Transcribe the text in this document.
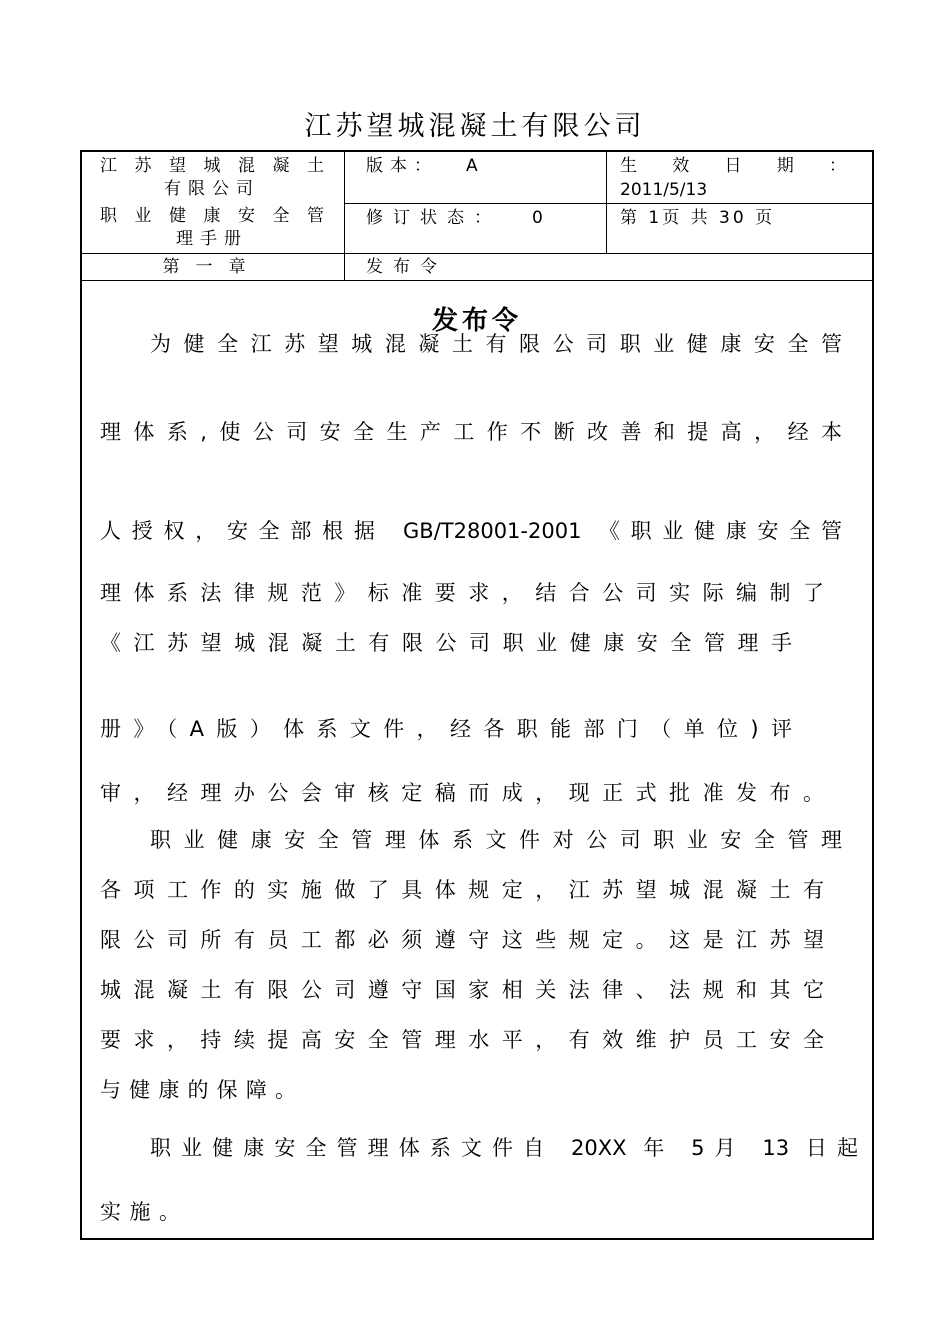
江苏望城混凝土有限公司
江苏望城混凝土
有限公司
职业健康安全管
理手册
版本： A
修订状态： 0
生效日期：
2011/5/13
第 1页 共 30 页
第一章	发布令
发布令
为健全江苏望城混凝土有限公司职业健康安全管
理体系,使公司安全生产工作不断改善和提高，经本
人授权，安全部根据 GB/T28001-2001 《职业健康安全管
理体系法律规范》标准要求，结合公司实际编制了
《江苏望城混凝土有限公司职业健康安全管理手
册》（A版）体系文件，经各职能部门（单位)评
审，经理办公会审核定稿而成，现正式批准发布。
职业健康安全管理体系文件对公司职业安全管理
各项工作的实施做了具体规定，江苏望城混凝土有
限公司所有员工都必须遵守这些规定。这是江苏望
城混凝土有限公司遵守国家相关法律、法规和其它
要求，持续提高安全管理水平，有效维护员工安全
与健康的保障。
职业健康安全管理体系文件自 20XX 年 5月 13 日起
实施。
